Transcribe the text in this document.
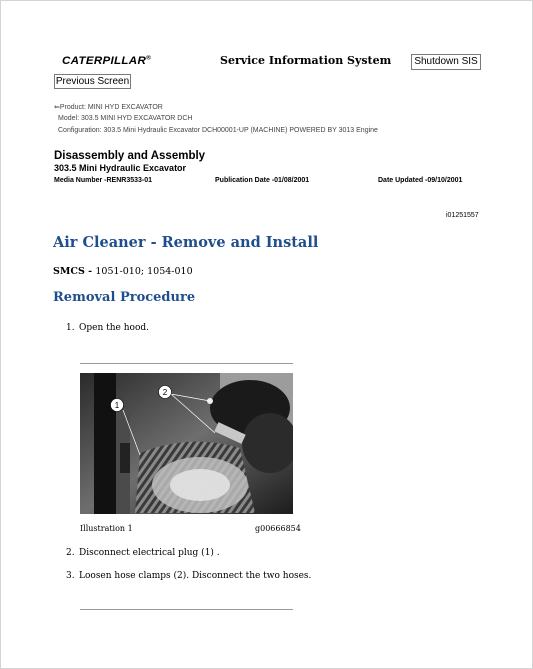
CATERPILLAR®	Service Information System	Shutdown SIS
Previous Screen
⇐Product: MINI HYD EXCAVATOR
Model: 303.5 MINI HYD EXCAVATOR DCH
Configuration: 303.5 Mini Hydraulic Excavator DCH00001-UP (MACHINE) POWERED BY 3013 Engine
Disassembly and Assembly
303.5 Mini Hydraulic Excavator
Media Number -RENR3533-01	Publication Date -01/08/2001	Date Updated -09/10/2001
i01251557
Air Cleaner - Remove and Install
SMCS - 1051-010; 1054-010
Removal Procedure
1. Open the hood.
1
2
Illustration 1	g00666854
2. Disconnect electrical plug (1) .
3. Loosen hose clamps (2). Disconnect the two hoses.
